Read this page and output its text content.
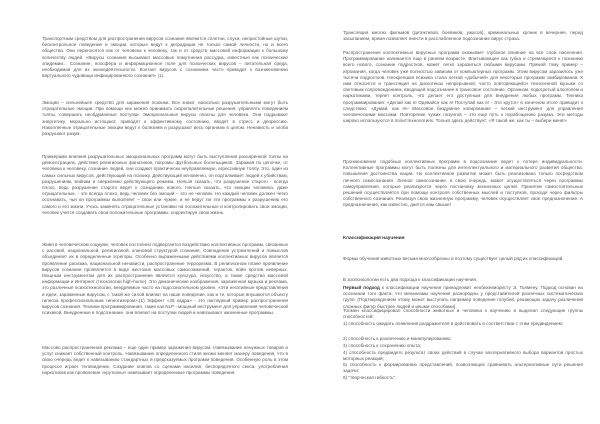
Транспортным средством для распространения вирусов сознания являются сплетни, слухи, непристойные шутки, бесконтрольное поведение и эмоции, которые ведут к деградации не только самой личности, но и всего общества. Они переносятся как от человека к человеку, так и от средств массовой информации к большому количеству людей. «Вирусы сознания вызывают массовые помутнения рассудка, известные как психические эпидемии... Сознание, ноосфера и информационное поле для психических вирусов – питательная среда, необходимая для их жизнедеятельности. Контакт вирусов с сознанием часто приводит к возникновению виртуального чудовища инфицированного сознания» (1).

Эмоции – сильнейшее средство для заражения психики. Все знают, насколько разрушительными могут быть отрицательные эмоции. При помощи них можно принимать скоропалительные решения, управлять поведением толпы, совершать необдуманные поступки. Эмоциональные вирусы опасны для человека. Они подрывают энергетику, морально истощают, приводят к эффективному состоянию, вводят в стресс и депрессию. Накопленные отрицательные эмоции ведут к болезням и разрушают весь организм в целом. Ненависть и злоба разрушают разум.

Примерами влияния разрушительных эмоциональных программ могут быть выступления разъяренной толпы на демонстрациях, действия религиозных фанатиков, погромы футбольных болельщиков. Заражая по цепочке, от человека к человеку, сознание людей, они создают практически неуправляемую, агрессивную толпу. Это, один из самых сильных вирусов, действующий на психику. Действующий мгновенно, он подталкивает людей к убийствам, разрушениям, войнам и свержению действующего режима. Нельзя сказать, что разрушение старого - всегда плохо, ведь разрушение старого ведет к созиданию нового. Нельзя сказать, что эмоции человека, даже отрицательные, - это всегда плохо, ведь человек без эмоций – это не человек. Но каждый человек должен четко осознавать, чьи он программы выполняет – свои или чужие, и не ведут ли эти программы к разрушению его самого и его жизни. Учась заменять отрицательные установки на положительные и контролировать свои эмоции, человек учится создавать свои положительные программы, корректируя свою жизнь.

Живя в человеческом социуме, человек постоянно подвергается воздействию коллективных программ, связанных с расовой, национальной, религиозной, клановой структурой сознания. Совпадение устремлений и помыслов объединяет их в определенные эгрегоры. Особенно выраженными действиями коллективных вирусов является проявление расизма, национальной ненависти, распространение терроризма. В религиозном плане проявление вирусов сознания проявляется в виде жестоких массовых самосожжений, терактов, войн против неверных. Мощным инструментом для их распространения является культура, искусство, а также средства массовой информации и Интернет (технологии high-hume). Это демонические изображения, зараженная музыка и реклама, это различные психотехнологии, внедряемые часто на подсознательном уровне. «Эти негативные представления и идеи, зараженные вирусом, с такой же силой влияют на наше поведение, как и те, которые внушаются объекту гипноза профессиональным гипнотизером».(1) Эффект «25 кадра» - это наглядный пример распространения вирусов сознания. Техники программирования, такие как NLP - мощный инструмент для управления человеческой психикой. Внедренные в подсознание, они влияют на поступки людей и навязывают жизненные программы.

Массово распространенная реклама – еще один пример заражения вирусом. Навязывание ненужных товаров и услуг снижает собственный контроль. Навязывание определенного стиля жизни меняет манеру поведения, что в свою очередь ведет к навязыванию стандартных и предсказуемых программ поведения. Особенную роль в этом процессе играет телевидение. Создание клипов со сценами насилия, беспорядочного секса, употребления наркотиков как проявление «крутизны» навязывает определенные программы поведения.

Трансляция многих фильмов (детективов, боевиков, ужасов), криминальных хроник в вечернее, перед засыпанием, время позволяет внести в расслабленное подсознание вирус страха.

Распространение коллективных вирусных программ оказывает глубокое влияние на все слои населения. Программирование начинается еще в раннем возрасте. Впитывающее как губка и стремящееся к познанию всего нового, сознание подростков, может легко заразиться любыми вирусами. Прямой тому пример – игромания, когда человек уже полностью зависим от компьютерных программ. Этим вирусом заразилось уже тысячи подростков. Неокрепшая психика стала легкой «добычей» для некоторых программ зомбирования. К ним относится и трансляция на дискотеках непрерывной, часто повторяющейся техногенной музыки со световым сопровождением, вводящей подсознание в транcовое состояние. Организм, подогретый алкоголем и наркотиками, теряет контроль, что делает его доступным для внедрения любых программ. Техника программирования: «Делай как я! Одевайся как я! Поступай как я! - Это круто!» в конечном итоге приводит к следствию: «Думай, как я!» Массовое бездумное копирование – легкий инструмент для управления человеческими массами. Повторение чужих лозунгов – это еще путь к порабощению разума. Эти методы широко используются в политтехнологиях. Только здесь действует: «Я такой же, как ты – выбери меня!»

Проникновение подобных коллективных программ в подсознание ведет к потере индивидуальности. Коллективные программы могут быть полезны для интеллектуального и материального развития общества, повышения достоинства нации. Но коллективное развитие может быть реализовано только посредством личного самосознания. Личное самосознание, в свою очередь, может осуществляться через программы самоуправления, которые реализуются через постановку жизненных целей. Принятие самостоятельных решений осуществляется при помощи контроля собственных мыслей и поступков, проходя через фильтры собственного сознания. Реализуя свою жизненную программу, человек осуществляет свое предназначение. А предназначение, как известно, дается нам свыше!

Классификация научения

Формы обучения животных весьма многообразны и поэтому существует целый ряд их классификаций.

В зоопсихологии есть два подхода к классификации научения.

Первый подход к классификации научения принадлежит необихевиористу Э. Толмену. Подход основан на осознании того факта, что механизмы научения разнородны у представителей различных систематических групп. (Подтверждением этому может выступать например поведение голубей, решающих задачу различения сложных фигур быстрее людей и иными способами).

Толмен классифицировал способности животных и человека к научению и выделил следующие группы способностей:

1) способность ожидать появления раздражителя и действовать в соответствии с этим предвидением;

2) способность к различению и манипулированию;

3) способность к сохранению опыта;

4) способность предвидеть результат своих действий в случае альтернативного выбора вариантов простых моторных реакций;

5) способность к формированию представлений, позволяющих сравнивать альтернативные пути решения задачи;

6) "творческая гибкость".
